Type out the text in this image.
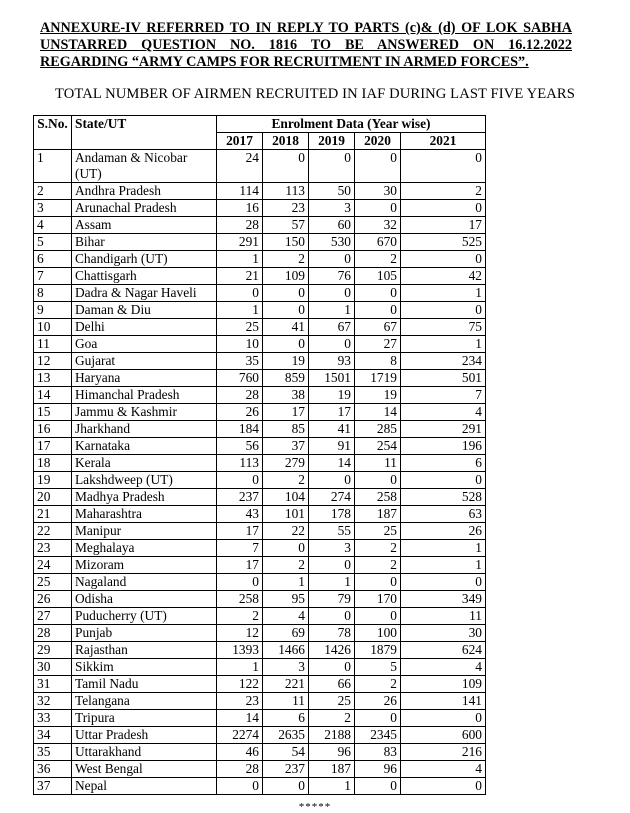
ANNEXURE-IV REFERRED TO IN REPLY TO PARTS (c)& (d) OF LOK SABHA
UNSTARRED QUESTION NO. 1816 TO BE ANSWERED ON 16.12.2022
REGARDING “ARMY CAMPS FOR RECRUITMENT IN ARMED FORCES”.
TOTAL NUMBER OF AIRMEN RECRUITED IN IAF DURING LAST FIVE YEARS
S.No.	State/UT	Enrolment Data (Year wise)				
		2017	2018	2019	2020	2021
1	Andaman & Nicobar (UT)	24	0	0	0	0
2	Andhra Pradesh	114	113	50	30	2
3	Arunachal Pradesh	16	23	3	0	0
4	Assam	28	57	60	32	17
5	Bihar	291	150	530	670	525
6	Chandigarh (UT)	1	2	0	2	0
7	Chattisgarh	21	109	76	105	42
8	Dadra & Nagar Haveli	0	0	0	0	1
9	Daman & Diu	1	0	1	0	0
10	Delhi	25	41	67	67	75
11	Goa	10	0	0	27	1
12	Gujarat	35	19	93	8	234
13	Haryana	760	859	1501	1719	501
14	Himanchal Pradesh	28	38	19	19	7
15	Jammu & Kashmir	26	17	17	14	4
16	Jharkhand	184	85	41	285	291
17	Karnataka	56	37	91	254	196
18	Kerala	113	279	14	11	6
19	Lakshdweep (UT)	0	2	0	0	0
20	Madhya Pradesh	237	104	274	258	528
21	Maharashtra	43	101	178	187	63
22	Manipur	17	22	55	25	26
23	Meghalaya	7	0	3	2	1
24	Mizoram	17	2	0	2	1
25	Nagaland	0	1	1	0	0
26	Odisha	258	95	79	170	349
27	Puducherry (UT)	2	4	0	0	11
28	Punjab	12	69	78	100	30
29	Rajasthan	1393	1466	1426	1879	624
30	Sikkim	1	3	0	5	4
31	Tamil Nadu	122	221	66	2	109
32	Telangana	23	11	25	26	141
33	Tripura	14	6	2	0	0
34	Uttar Pradesh	2274	2635	2188	2345	600
35	Uttarakhand	46	54	96	83	216
36	West Bengal	28	237	187	96	4
37	Nepal	0	0	1	0	0
*****
